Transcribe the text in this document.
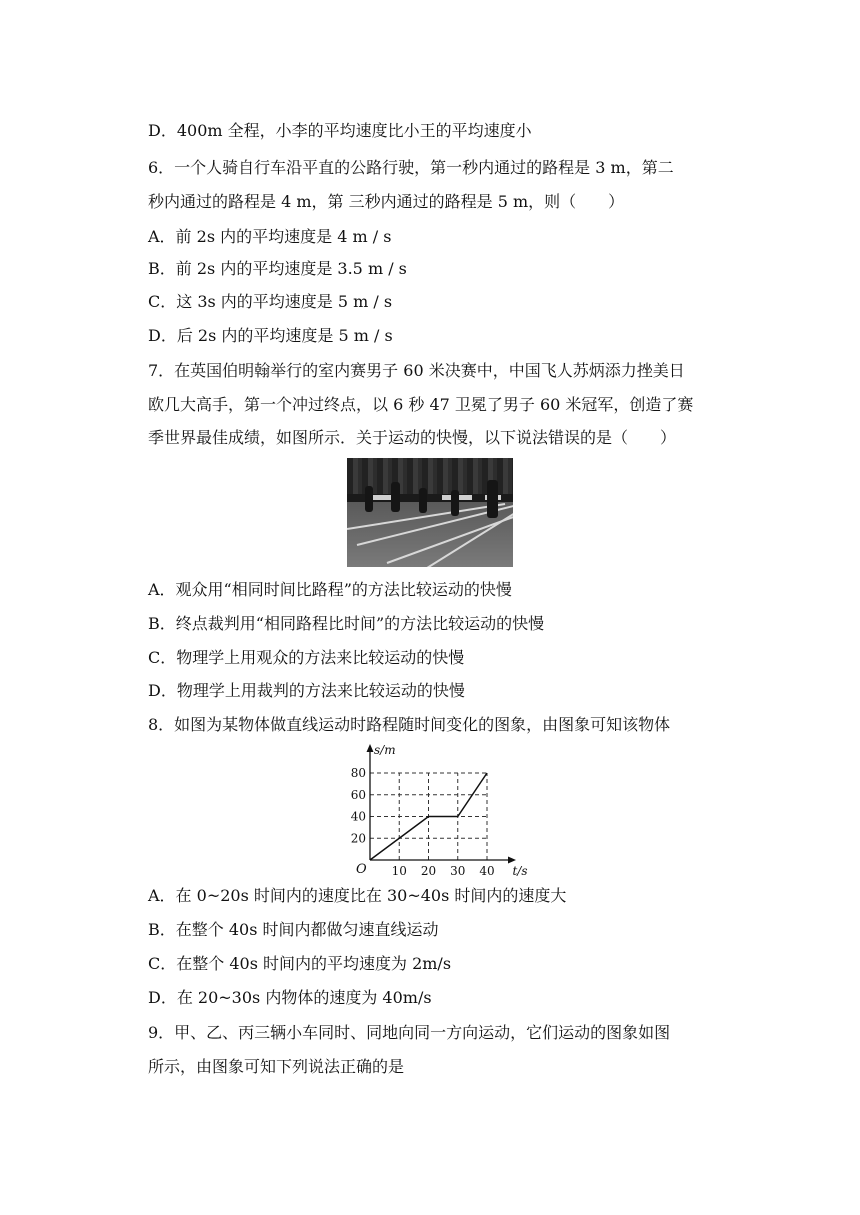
D．400m 全程，小李的平均速度比小王的平均速度小
6．一个人骑自行车沿平直的公路行驶，第一秒内通过的路程是 3 m，第二
秒内通过的路程是 4 m，第 三秒内通过的路程是 5 m，则（　　）
A．前 2s 内的平均速度是 4 m / s
B．前 2s 内的平均速度是 3.5 m / s
C．这 3s 内的平均速度是 5 m / s
D．后 2s 内的平均速度是 5 m / s
7．在英国伯明翰举行的室内赛男子 60 米决赛中，中国飞人苏炳添力挫美日
欧几大高手，第一个冲过终点，以 6 秒 47 卫冕了男子 60 米冠军，创造了赛
季世界最佳成绩，如图所示．关于运动的快慢，以下说法错误的是（　　）
A．观众用“相同时间比路程”的方法比较运动的快慢
B．终点裁判用“相同路程比时间”的方法比较运动的快慢
C．物理学上用观众的方法来比较运动的快慢
D．物理学上用裁判的方法来比较运动的快慢
8．如图为某物体做直线运动时路程随时间变化的图象，由图象可知该物体
10 20 30 40
20
40
60
80
O	t/s
s/m
A．在 0~20s 时间内的速度比在 30~40s 时间内的速度大
B．在整个 40s 时间内都做匀速直线运动
C．在整个 40s 时间内的平均速度为 2m/s
D．在 20~30s 内物体的速度为 40m/s
9．甲、乙、丙三辆小车同时、同地向同一方向运动，它们运动的图象如图
所示，由图象可知下列说法正确的是
